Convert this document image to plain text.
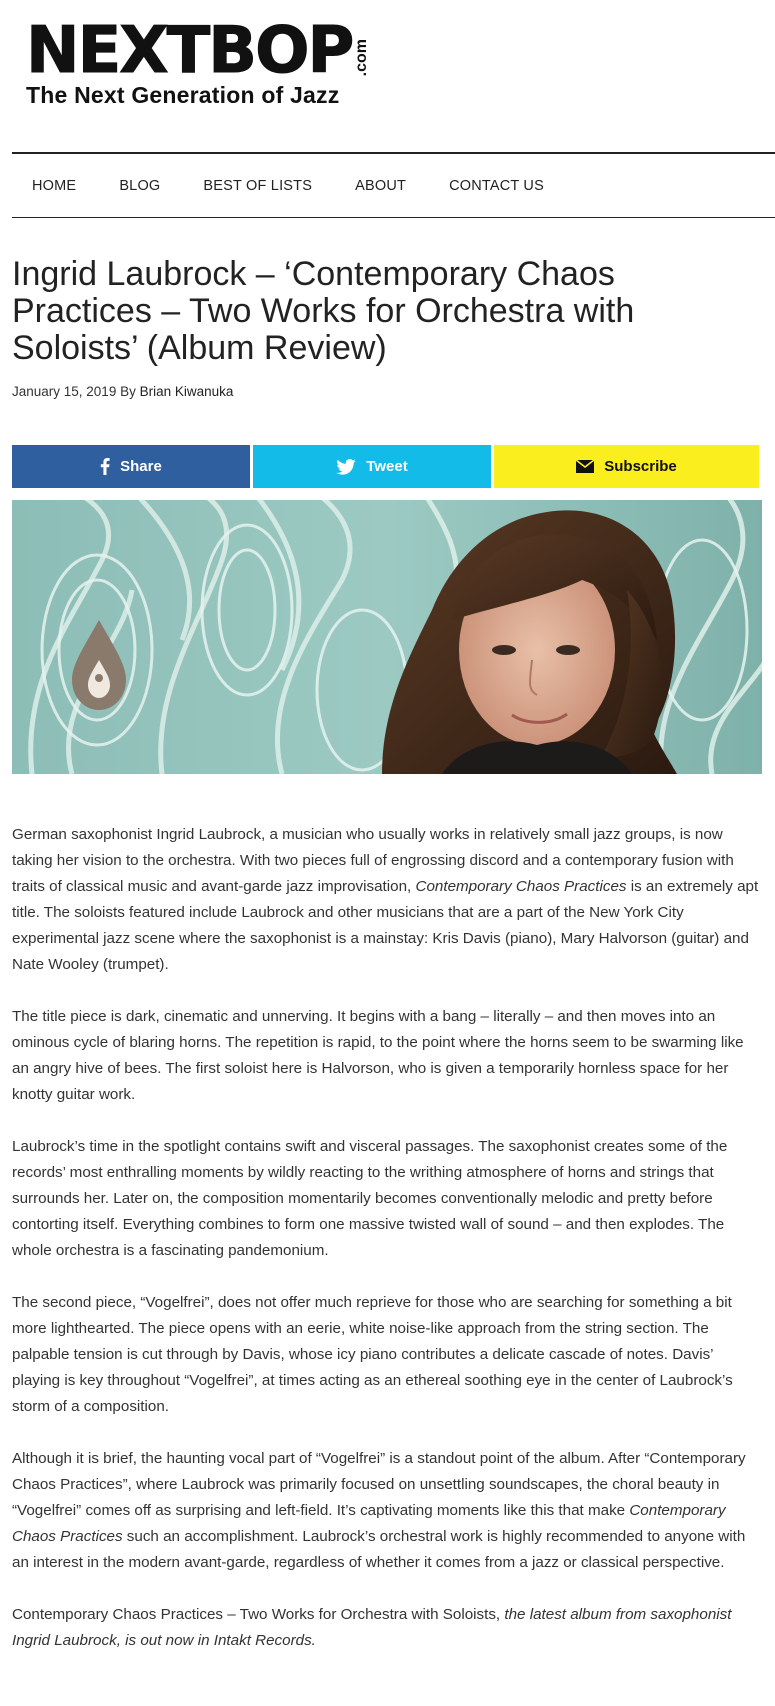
NEXTBOP .com
The Next Generation of Jazz
HOME	BLOG	BEST OF LISTS	ABOUT	CONTACT US
Ingrid Laubrock – ‘Contemporary Chaos Practices – Two Works for Orchestra with Soloists’ (Album Review)
January 15, 2019 By Brian Kiwanuka
Share	Tweet	Subscribe

German saxophonist Ingrid Laubrock, a musician who usually works in relatively small jazz groups, is now taking her vision to the orchestra. With two pieces full of engrossing discord and a contemporary fusion with traits of classical music and avant-garde jazz improvisation, Contemporary Chaos Practices is an extremely apt title. The soloists featured include Laubrock and other musicians that are a part of the New York City experimental jazz scene where the saxophonist is a mainstay: Kris Davis (piano), Mary Halvorson (guitar) and Nate Wooley (trumpet).

The title piece is dark, cinematic and unnerving. It begins with a bang – literally – and then moves into an ominous cycle of blaring horns. The repetition is rapid, to the point where the horns seem to be swarming like an angry hive of bees. The first soloist here is Halvorson, who is given a temporarily hornless space for her knotty guitar work.

Laubrock’s time in the spotlight contains swift and visceral passages. The saxophonist creates some of the records’ most enthralling moments by wildly reacting to the writhing atmosphere of horns and strings that surrounds her. Later on, the composition momentarily becomes conventionally melodic and pretty before contorting itself. Everything combines to form one massive twisted wall of sound – and then explodes. The whole orchestra is a fascinating pandemonium.

The second piece, “Vogelfrei”, does not offer much reprieve for those who are searching for something a bit more lighthearted. The piece opens with an eerie, white noise-like approach from the string section. The palpable tension is cut through by Davis, whose icy piano contributes a delicate cascade of notes. Davis’ playing is key throughout “Vogelfrei”, at times acting as an ethereal soothing eye in the center of Laubrock’s storm of a composition.

Although it is brief, the haunting vocal part of “Vogelfrei” is a standout point of the album. After “Contemporary Chaos Practices”, where Laubrock was primarily focused on unsettling soundscapes, the choral beauty in “Vogelfrei” comes off as surprising and left-field. It’s captivating moments like this that make Contemporary Chaos Practices such an accomplishment. Laubrock’s orchestral work is highly recommended to anyone with an interest in the modern avant-garde, regardless of whether it comes from a jazz or classical perspective.

Contemporary Chaos Practices – Two Works for Orchestra with Soloists, the latest album from saxophonist Ingrid Laubrock, is out now in Intakt Records.
